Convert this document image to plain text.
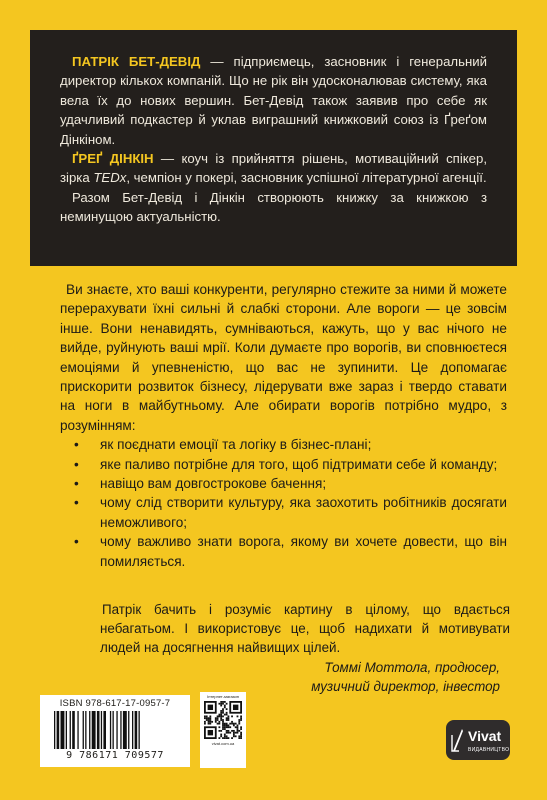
ПАТРІК БЕТ-ДЕВІД — підприємець, засновник і генеральний директор кількох компаній. Що не рік він удосконалював систему, яка вела їх до нових вершин. Бет-Девід також заявив про себе як удачливий подкастер й уклав виграшний книжковий союз із Ґреґом Дінкіном.

ҐРЕҐ ДІНКІН — коуч із прийняття рішень, мотиваційний спікер, зірка TEDx, чемпіон у покері, засновник успішної літературної агенції.

Разом Бет-Девід і Дінкін створюють книжку за книжкою з неминущою актуальністю.

Ви знаєте, хто ваші конкуренти, регулярно стежите за ними й можете перерахувати їхні сильні й слабкі сторони. Але вороги — це зовсім інше. Вони ненавидять, сумніваються, кажуть, що у вас нічого не вийде, руйнують ваші мрії. Коли думаєте про ворогів, ви сповнюєтеся емоціями й упевненістю, що вас не зупинити. Це допомагає прискорити розвиток бізнесу, лідерувати вже зараз і твердо ставати на ноги в майбутньому. Але обирати ворогів потрібно мудро, з розумінням:

• як поєднати емоції та логіку в бізнес-плані;
• яке паливо потрібне для того, щоб підтримати себе й команду;
• навіщо вам довгострокове бачення;
• чому слід створити культуру, яка заохотить робітників досягати неможливого;
• чому важливо знати ворога, якому ви хочете довести, що він помиляється.

Патрік бачить і розуміє картину в цілому, що вдається небагатьом. І використовує це, щоб надихати й мотивувати людей на досягнення найвищих цілей.

Томмі Моттола, продюсер,

музичний директор, інвестор

ISBN 978-617-17-0957-7
9 786171 709577
Інтернет-магазин
vivat.com.ua	Vivat
ВИДАВНИЦТВО
